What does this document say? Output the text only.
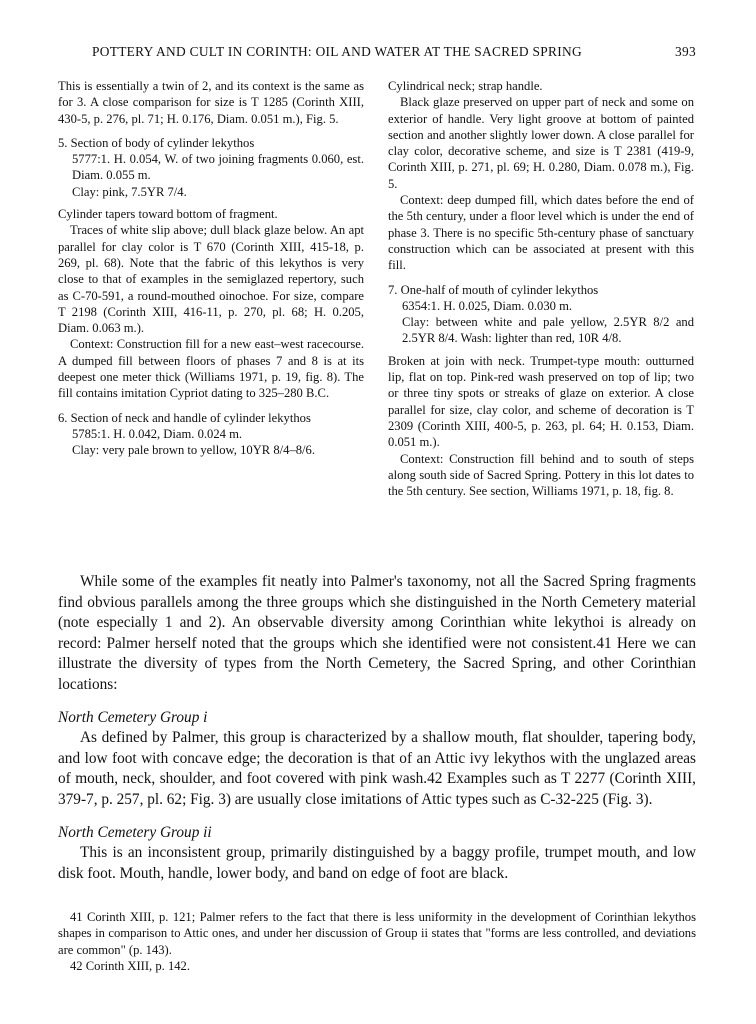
POTTERY AND CULT IN CORINTH: OIL AND WATER AT THE SACRED SPRING	393

This is essentially a twin of 2, and its context is the same as for 3. A close comparison for size is T 1285 (Corinth XIII, 430-5, p. 276, pl. 71; H. 0.176, Diam. 0.051 m.), Fig. 5.

5. Section of body of cylinder lekythos

5777:1. H. 0.054, W. of two joining fragments 0.060, est. Diam. 0.055 m.

Clay: pink, 7.5YR 7/4.

Cylinder tapers toward bottom of fragment.

Traces of white slip above; dull black glaze below. An apt parallel for clay color is T 670 (Corinth XIII, 415-18, p. 269, pl. 68). Note that the fabric of this lekythos is very close to that of examples in the semiglazed repertory, such as C-70-591, a round-mouthed oinochoe. For size, compare T 2198 (Corinth XIII, 416-11, p. 270, pl. 68; H. 0.205, Diam. 0.063 m.).

Context: Construction fill for a new east–west racecourse. A dumped fill between floors of phases 7 and 8 is at its deepest one meter thick (Williams 1971, p. 19, fig. 8). The fill contains imitation Cypriot dating to 325–280 B.C.

6. Section of neck and handle of cylinder lekythos

5785:1. H. 0.042, Diam. 0.024 m.

Clay: very pale brown to yellow, 10YR 8/4–8/6.

Cylindrical neck; strap handle.

Black glaze preserved on upper part of neck and some on exterior of handle. Very light groove at bottom of painted section and another slightly lower down. A close parallel for clay color, decorative scheme, and size is T 2381 (419-9, Corinth XIII, p. 271, pl. 69; H. 0.280, Diam. 0.078 m.), Fig. 5.

Context: deep dumped fill, which dates before the end of the 5th century, under a floor level which is under the end of phase 3. There is no specific 5th-century phase of sanctuary construction which can be associated at present with this fill.

7. One-half of mouth of cylinder lekythos

6354:1. H. 0.025, Diam. 0.030 m.

Clay: between white and pale yellow, 2.5YR 8/2 and 2.5YR 8/4. Wash: lighter than red, 10R 4/8.

Broken at join with neck. Trumpet-type mouth: outturned lip, flat on top. Pink-red wash preserved on top of lip; two or three tiny spots or streaks of glaze on exterior. A close parallel for size, clay color, and scheme of decoration is T 2309 (Corinth XIII, 400-5, p. 263, pl. 64; H. 0.153, Diam. 0.051 m.).

Context: Construction fill behind and to south of steps along south side of Sacred Spring. Pottery in this lot dates to the 5th century. See section, Williams 1971, p. 18, fig. 8.

While some of the examples fit neatly into Palmer's taxonomy, not all the Sacred Spring fragments find obvious parallels among the three groups which she distinguished in the North Cemetery material (note especially 1 and 2). An observable diversity among Corinthian white lekythoi is already on record: Palmer herself noted that the groups which she identified were not consistent.41 Here we can illustrate the diversity of types from the North Cemetery, the Sacred Spring, and other Corinthian locations:

North Cemetery Group i

As defined by Palmer, this group is characterized by a shallow mouth, flat shoulder, tapering body, and low foot with concave edge; the decoration is that of an Attic ivy lekythos with the unglazed areas of mouth, neck, shoulder, and foot covered with pink wash.42 Examples such as T 2277 (Corinth XIII, 379-7, p. 257, pl. 62; Fig. 3) are usually close imitations of Attic types such as C-32-225 (Fig. 3).

North Cemetery Group ii

This is an inconsistent group, primarily distinguished by a baggy profile, trumpet mouth, and low disk foot. Mouth, handle, lower body, and band on edge of foot are black.

41 Corinth XIII, p. 121; Palmer refers to the fact that there is less uniformity in the development of Corinthian lekythos shapes in comparison to Attic ones, and under her discussion of Group ii states that "forms are less controlled, and deviations are common" (p. 143).

42 Corinth XIII, p. 142.
